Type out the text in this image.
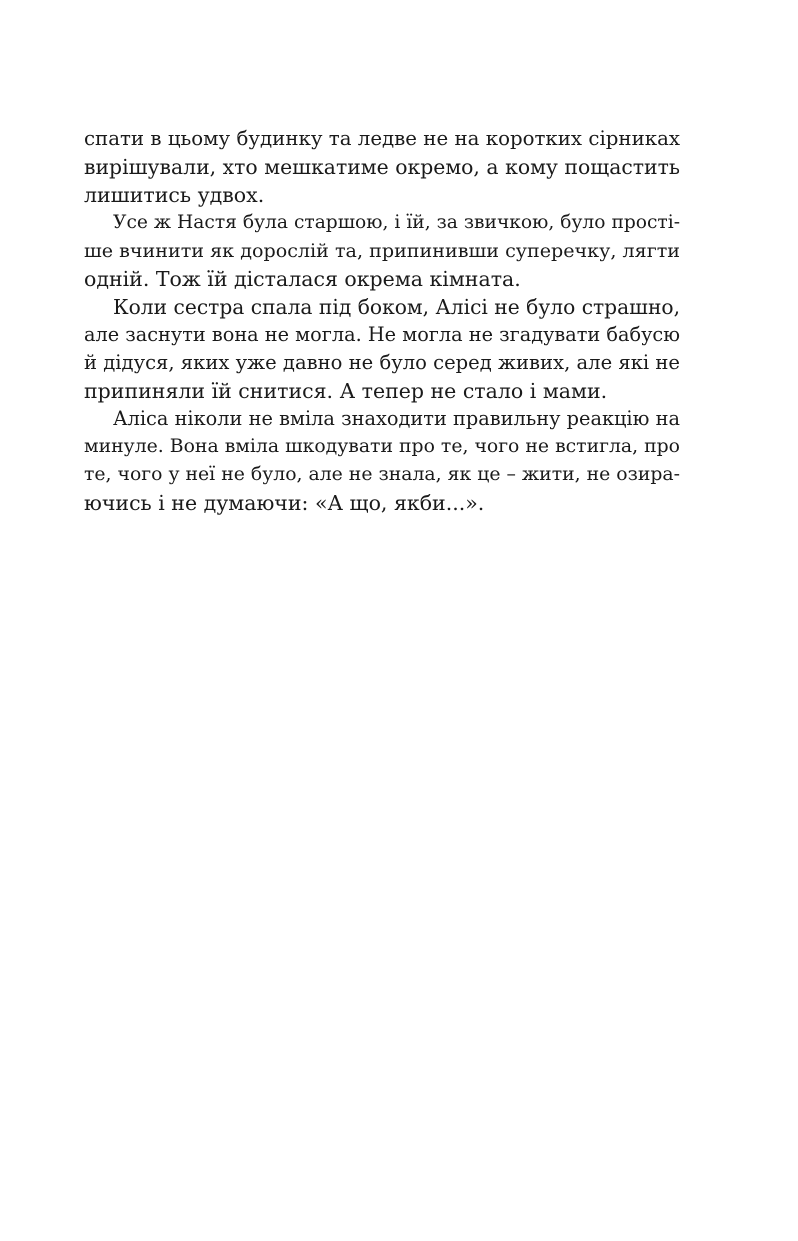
спати в цьому будинку та ледве не на коротких сірниках
вирішували, хто мешкатиме окремо, а кому пощастить
лишитись удвох.
Усе ж Настя була старшою, і їй, за звичкою, було прості-
ше вчинити як дорослій та, припинивши суперечку, лягти
одній. Тож їй дісталася окрема кімната.
Коли сестра спала під боком, Алісі не було страшно,
але заснути вона не могла. Не могла не згадувати бабусю
й дідуся, яких уже давно не було серед живих, але які не
припиняли їй снитися. А тепер не стало і мами.
Аліса ніколи не вміла знаходити правильну реакцію на
минуле. Вона вміла шкодувати про те, чого не встигла, про
те, чого у неї не було, але не знала, як це – жити, не озира-
ючись і не думаючи: «А що, якби...».
